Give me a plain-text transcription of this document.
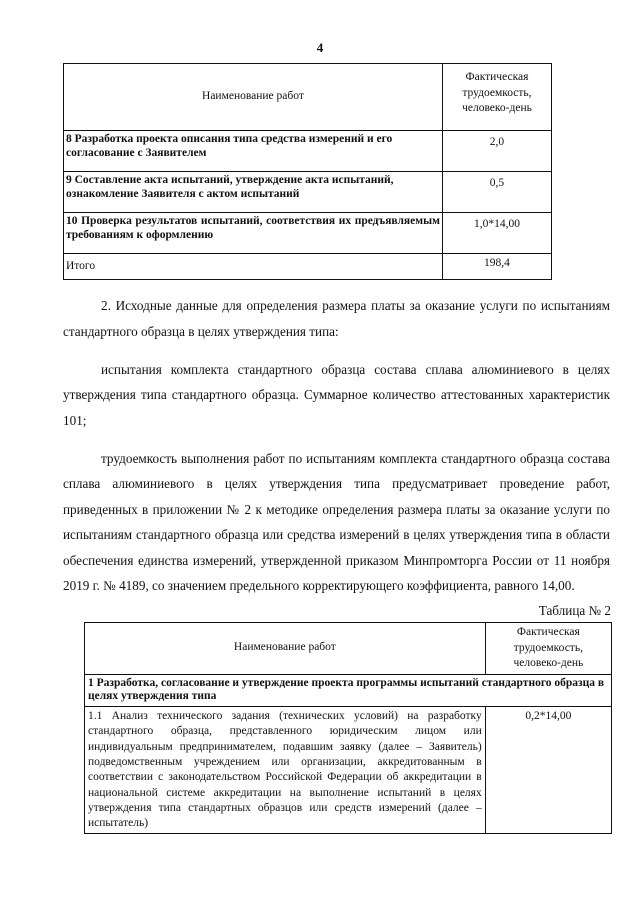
4
Наименование работ	Фактическая трудоемкость, человеко-день
8 Разработка проекта описания типа средства измерений и его согласование с Заявителем	2,0
9 Составление акта испытаний, утверждение акта испытаний, ознакомление Заявителя с актом испытаний	0,5
10 Проверка результатов испытаний, соответствия их предъявляемым требованиям к оформлению	1,0*14,00
Итого	198,4

2. Исходные данные для определения размера платы за оказание услуги по испытаниям стандартного образца в целях утверждения типа:

испытания комплекта стандартного образца состава сплава алюминиевого в целях утверждения типа стандартного образца. Суммарное количество аттестованных характеристик 101;

трудоемкость выполнения работ по испытаниям комплекта стандартного образца состава сплава алюминиевого в целях утверждения типа предусматривает проведение работ, приведенных в приложении № 2 к методике определения размера платы за оказание услуги по испытаниям стандартного образца или средства измерений в целях утверждения типа в области обеспечения единства измерений, утвержденной приказом Минпромторга России от 11 ноября 2019 г. № 4189, со значением предельного корректирующего коэффициента, равного 14,00.

Таблица № 2
Наименование работ	Фактическая трудоемкость, человеко-день
1 Разработка, согласование и утверждение проекта программы испытаний стандартного образца в целях утверждения типа	
1.1 Анализ технического задания (технических условий) на разработку стандартного образца, представленного юридическим лицом или индивидуальным предпринимателем, подавшим заявку (далее – Заявитель) подведомственным учреждением или организации, аккредитованным в соответствии с законодательством Российской Федерации об аккредитации в национальной системе аккредитации на выполнение испытаний в целях утверждения типа стандартных образцов или средств измерений (далее – испытатель)	0,2*14,00
